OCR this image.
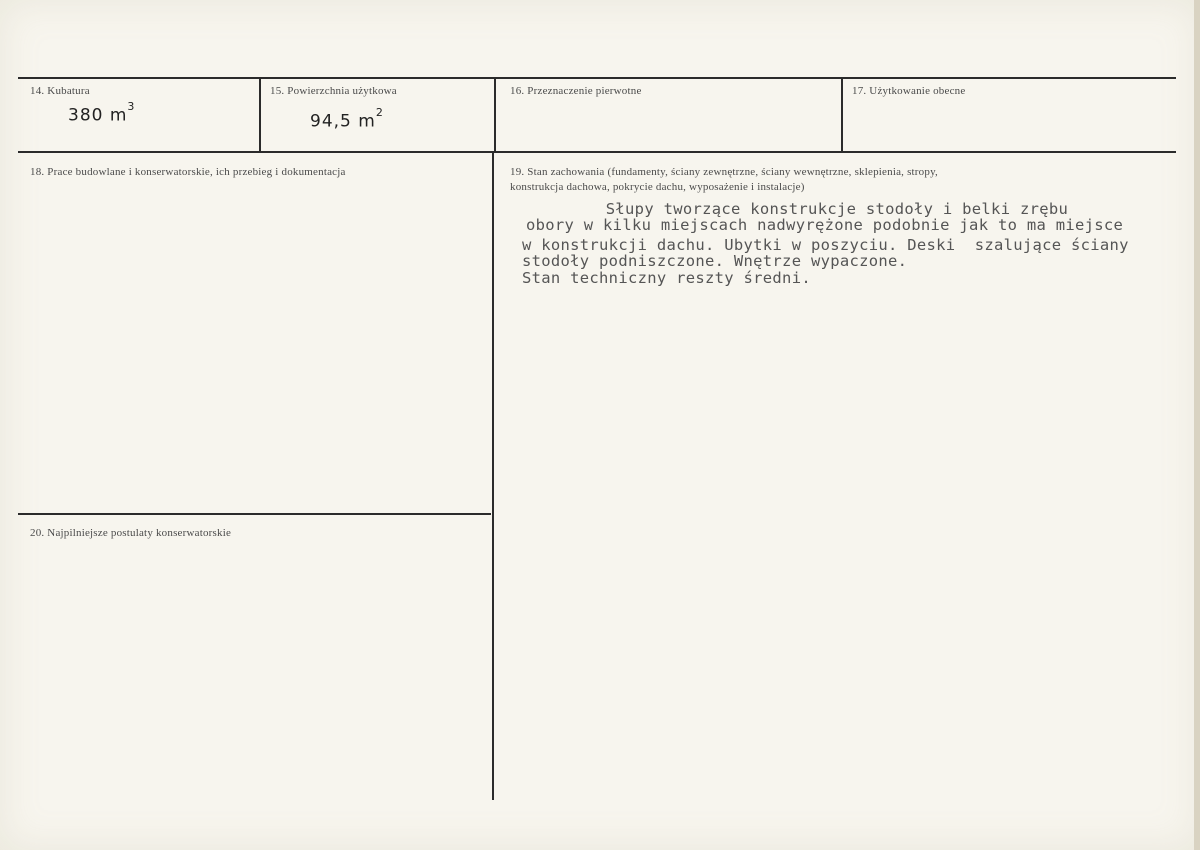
14. Kubatura
380 $m^3$
15. Powierzchnia użytkowa
94,5 $m^2$
16. Przeznaczenie pierwotne	17. Użytkowanie obecne
18. Prace budowlane i konserwatorskie, ich przebieg i dokumentacja	19. Stan zachowania (fundamenty, ściany zewnętrzne, ściany wewnętrzne, sklepienia, stropy,
konstrukcja dachowa, pokrycie dachu, wyposażenie i instalacje)
Słupy tworzące konstrukcje stodoły i belki zrębu
obory w kilku miejscach nadwyrężone podobnie jak to ma miejsce
w konstrukcji dachu. Ubytki w poszyciu. Deski  szalujące ściany
stodoły podniszczone. Wnętrze wypaczone.
Stan techniczny reszty średni.
20. Najpilniejsze postulaty konserwatorskie
